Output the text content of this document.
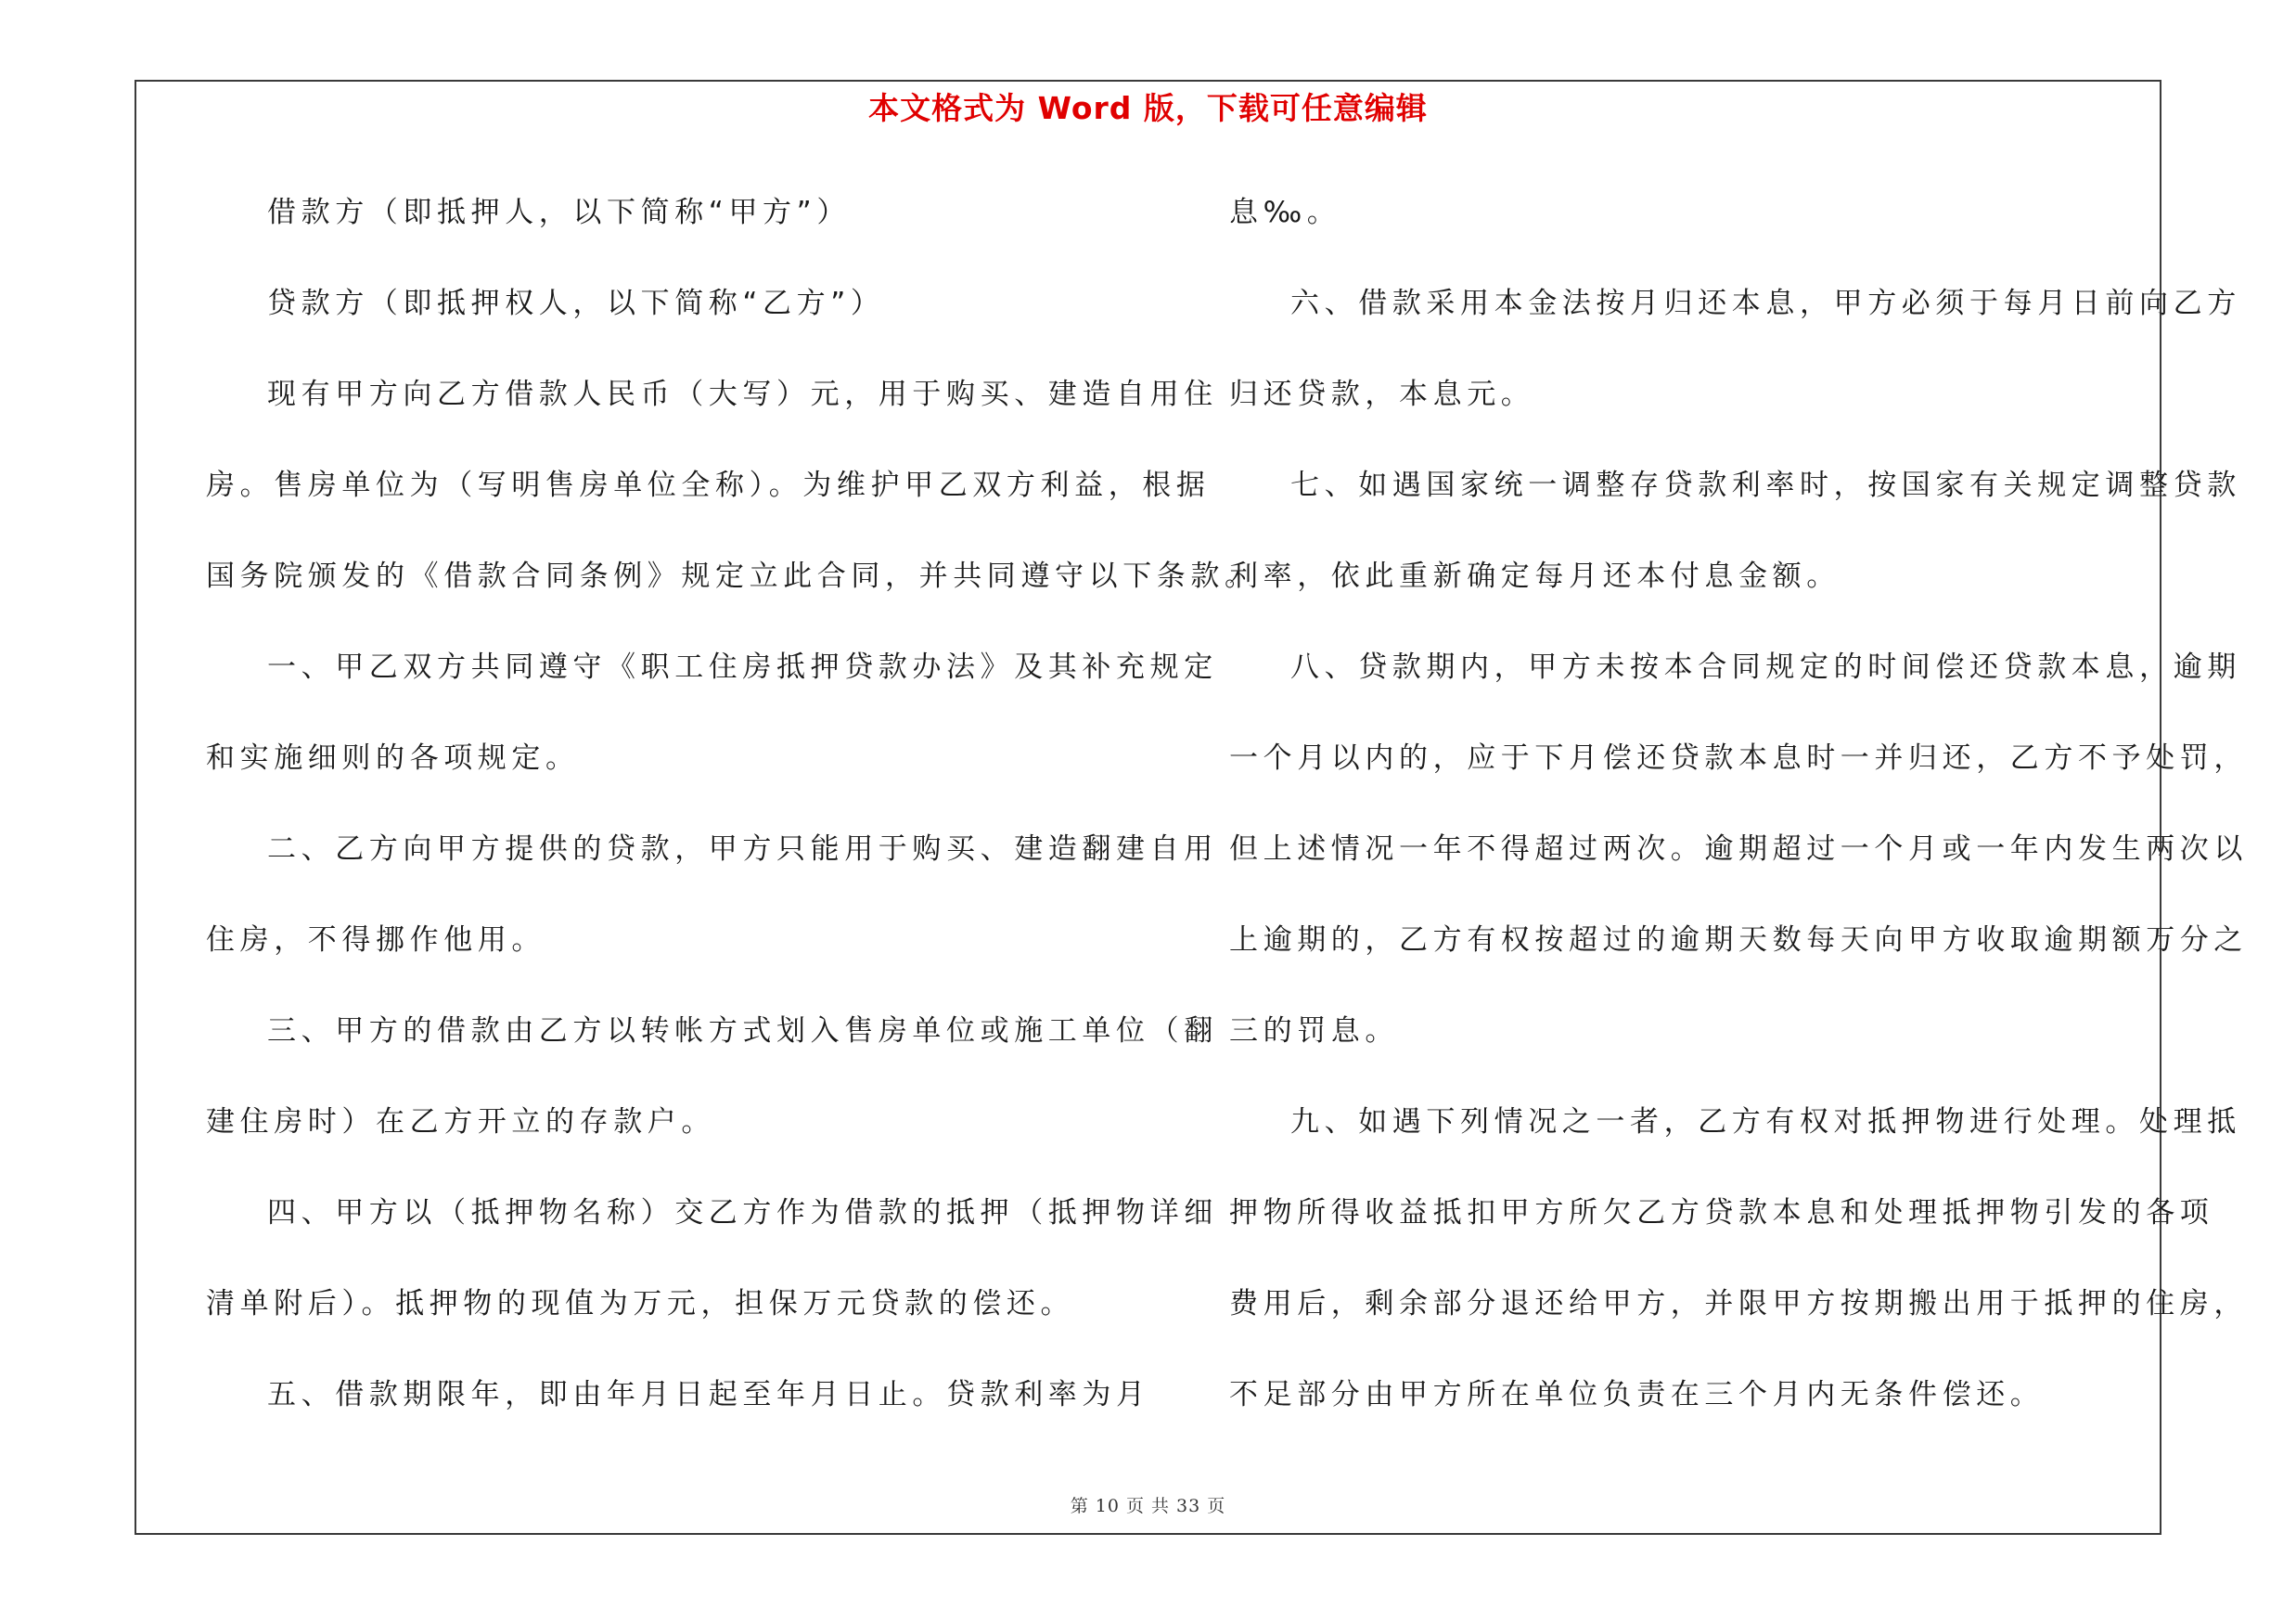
本文格式为 Word 版，下载可任意编辑
借款方（即抵押人，以下简称“甲方”）
贷款方（即抵押权人，以下简称“乙方”）
现有甲方向乙方借款人民币（大写）元，用于购买、建造自用住
房。售房单位为（写明售房单位全称）。为维护甲乙双方利益，根据
国务院颁发的《借款合同条例》规定立此合同，并共同遵守以下条款。
一、甲乙双方共同遵守《职工住房抵押贷款办法》及其补充规定
和实施细则的各项规定。
二、乙方向甲方提供的贷款，甲方只能用于购买、建造翻建自用
住房，不得挪作他用。
三、甲方的借款由乙方以转帐方式划入售房单位或施工单位（翻
建住房时）在乙方开立的存款户。
四、甲方以（抵押物名称）交乙方作为借款的抵押（抵押物详细
清单附后）。抵押物的现值为万元，担保万元贷款的偿还。
五、借款期限年，即由年月日起至年月日止。贷款利率为月
息‰。
六、借款采用本金法按月归还本息，甲方必须于每月日前向乙方
归还贷款，本息元。
七、如遇国家统一调整存贷款利率时，按国家有关规定调整贷款
利率，依此重新确定每月还本付息金额。
八、贷款期内，甲方未按本合同规定的时间偿还贷款本息，逾期
一个月以内的，应于下月偿还贷款本息时一并归还，乙方不予处罚，
但上述情况一年不得超过两次。逾期超过一个月或一年内发生两次以
上逾期的，乙方有权按超过的逾期天数每天向甲方收取逾期额万分之
三的罚息。
九、如遇下列情况之一者，乙方有权对抵押物进行处理。处理抵
押物所得收益抵扣甲方所欠乙方贷款本息和处理抵押物引发的各项
费用后，剩余部分退还给甲方，并限甲方按期搬出用于抵押的住房，
不足部分由甲方所在单位负责在三个月内无条件偿还。
第 10 页 共 33 页
